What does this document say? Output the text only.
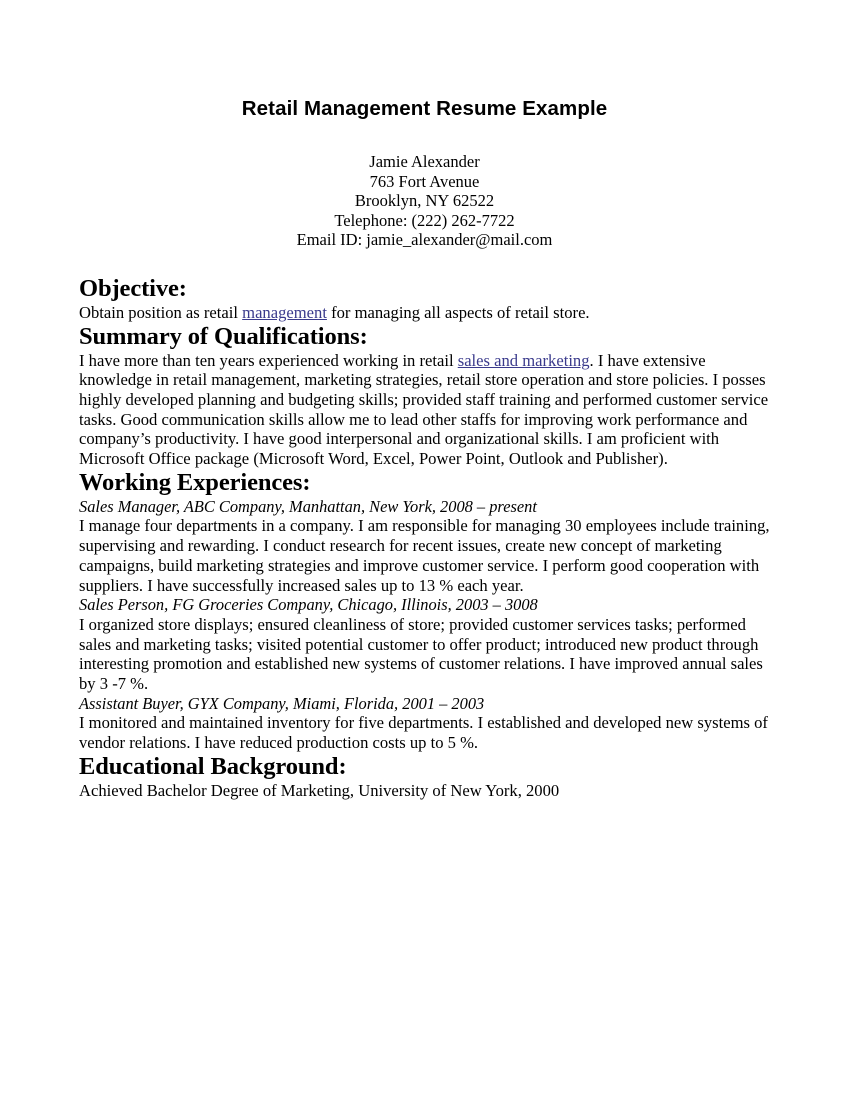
Retail Management Resume Example
Jamie Alexander
763 Fort Avenue
Brooklyn, NY 62522
Telephone: (222) 262-7722
Email ID: jamie_alexander@mail.com
Objective:

Obtain position as retail management for managing all aspects of retail store.

Summary of Qualifications:

I have more than ten years experienced working in retail sales and marketing. I have extensive knowledge in retail management, marketing strategies, retail store operation and store policies. I posses highly developed planning and budgeting skills; provided staff training and performed customer service tasks. Good communication skills allow me to lead other staffs for improving work performance and company’s productivity. I have good interpersonal and organizational skills. I am proficient with Microsoft Office package (Microsoft Word, Excel, Power Point, Outlook and Publisher).

Working Experiences:

Sales Manager, ABC Company, Manhattan, New York, 2008 – present

I manage four departments in a company. I am responsible for managing 30 employees include training, supervising and rewarding. I conduct research for recent issues, create new concept of marketing campaigns, build marketing strategies and improve customer service. I perform good cooperation with suppliers. I have successfully increased sales up to 13 % each year.

Sales Person, FG Groceries Company, Chicago, Illinois, 2003 – 3008

I organized store displays; ensured cleanliness of store; provided customer services tasks; performed sales and marketing tasks; visited potential customer to offer product; introduced new product through interesting promotion and established new systems of customer relations. I have improved annual sales by 3 -7 %.

Assistant Buyer, GYX Company, Miami, Florida, 2001 – 2003

I monitored and maintained inventory for five departments. I established and developed new systems of vendor relations. I have reduced production costs up to 5 %.

Educational Background:

Achieved Bachelor Degree of Marketing, University of New York, 2000
